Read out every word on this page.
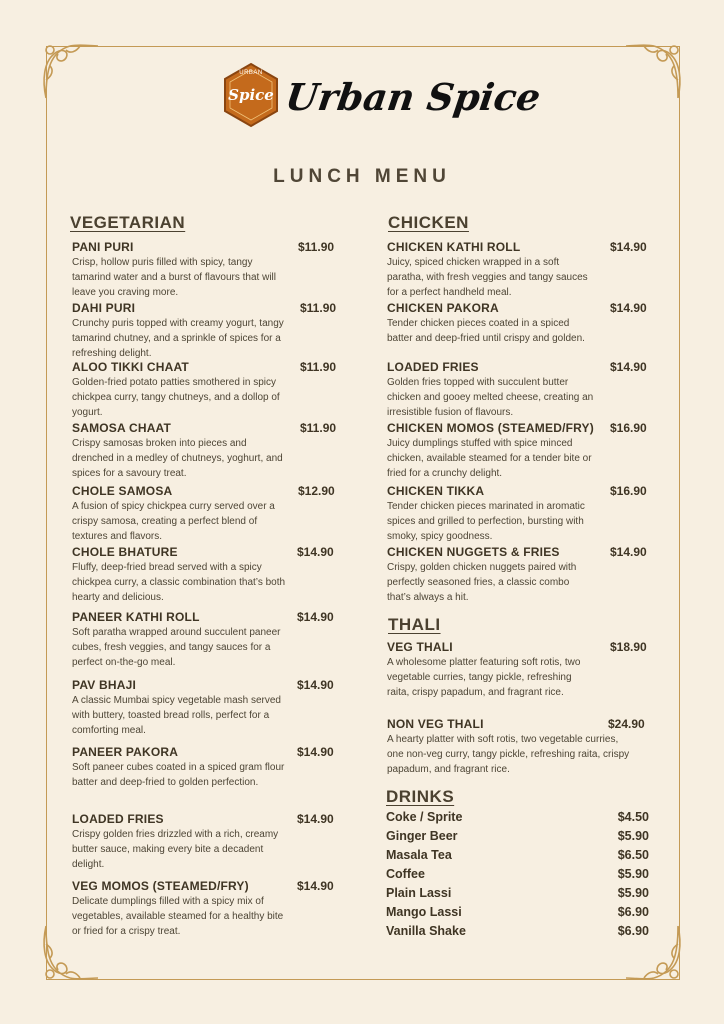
URBAN
Spice Urban Spice
LUNCH MENU
VEGETARIAN
PANI PURI	$11.90
Crisp, hollow puris filled with spicy, tangy tamarind water and a burst of flavours that will leave you craving more.
DAHI PURI	$11.90
Crunchy puris topped with creamy yogurt, tangy tamarind chutney, and a sprinkle of spices for a refreshing delight.
ALOO TIKKI CHAAT	$11.90
Golden-fried potato patties smothered in spicy chickpea curry, tangy chutneys, and a dollop of yogurt.
SAMOSA CHAAT	$11.90
Crispy samosas broken into pieces and drenched in a medley of chutneys, yoghurt, and spices for a savoury treat.
CHOLE SAMOSA	$12.90
A fusion of spicy chickpea curry served over a crispy samosa, creating a perfect blend of textures and flavors.
CHOLE BHATURE	$14.90
Fluffy, deep-fried bread served with a spicy chickpea curry, a classic combination that’s both hearty and delicious.
PANEER KATHI ROLL	$14.90
Soft paratha wrapped around succulent paneer cubes, fresh veggies, and tangy sauces for a perfect on-the-go meal.
PAV BHAJI	$14.90
A classic Mumbai spicy vegetable mash served with buttery, toasted bread rolls, perfect for a comforting meal.
PANEER PAKORA	$14.90
Soft paneer cubes coated in a spiced gram flour batter and deep-fried to golden perfection.
LOADED FRIES	$14.90
Crispy golden fries drizzled with a rich, creamy butter sauce, making every bite a decadent delight.
VEG MOMOS (STEAMED/FRY)	$14.90
Delicate dumplings filled with a spicy mix of vegetables, available steamed for a healthy bite or fried for a crispy treat.
CHICKEN
CHICKEN KATHI ROLL	$14.90
Juicy, spiced chicken wrapped in a soft paratha, with fresh veggies and tangy sauces for a perfect handheld meal.
CHICKEN PAKORA	$14.90
Tender chicken pieces coated in a spiced batter and deep-fried until crispy and golden.
LOADED FRIES	$14.90
Golden fries topped with succulent butter chicken and gooey melted cheese, creating an irresistible fusion of flavours.
CHICKEN MOMOS (STEAMED/FRY)	$16.90
Juicy dumplings stuffed with spice minced chicken, available steamed for a tender bite or fried for a crunchy delight.
CHICKEN TIKKA	$16.90
Tender chicken pieces marinated in aromatic spices and grilled to perfection, bursting with smoky, spicy goodness.
CHICKEN NUGGETS & FRIES	$14.90
Crispy, golden chicken nuggets paired with perfectly seasoned fries, a classic combo that’s always a hit.
THALI
VEG THALI	$18.90
A wholesome platter featuring soft rotis, two vegetable curries, tangy pickle, refreshing raita, crispy papadum, and fragrant rice.
NON VEG THALI	$24.90
A hearty platter with soft rotis, two vegetable curries, one non-veg curry, tangy pickle, refreshing raita, crispy papadum, and fragrant rice.
DRINKS
Coke / Sprite	$4.50
Ginger Beer	$5.90
Masala Tea	$6.50
Coffee	$5.90
Plain Lassi	$5.90
Mango Lassi	$6.90
Vanilla Shake	$6.90
